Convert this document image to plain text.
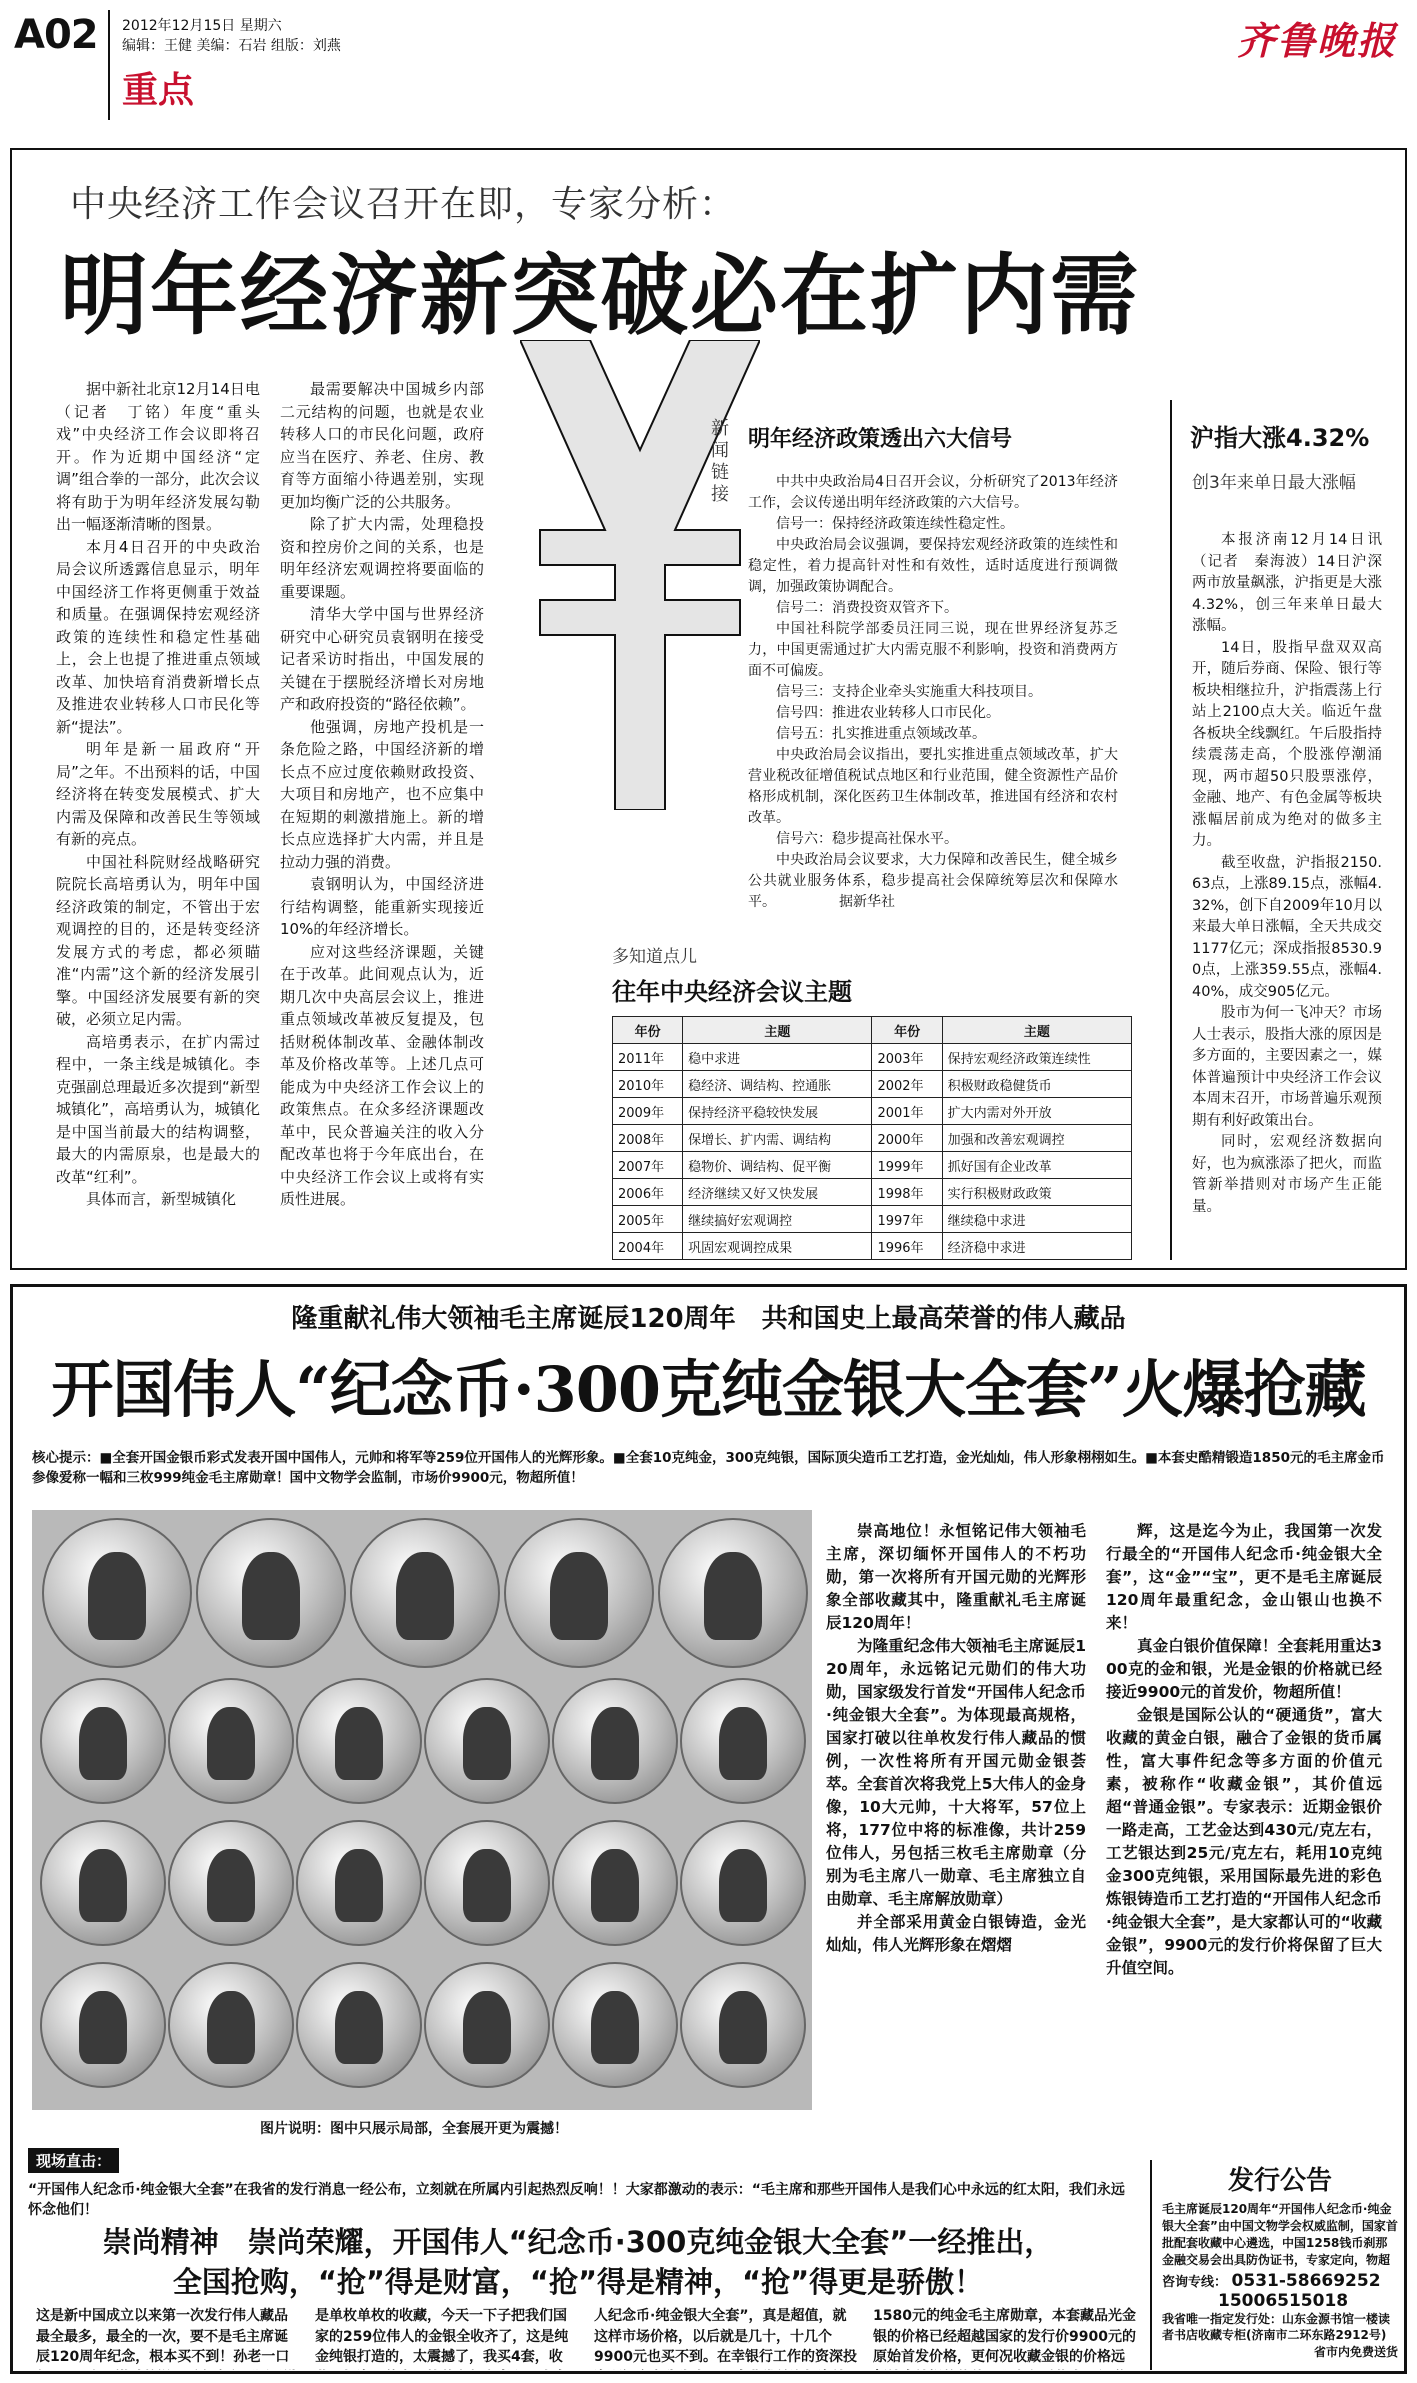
A02 2012年12月15日 星期六
编辑：王健 美编：石岩 组版：刘燕
重点
齐鲁晚报
中央经济工作会议召开在即，专家分析：
明年经济新突破必在扩内需

据中新社北京12月14日电（记者　丁铭）年度“重头戏”中央经济工作会议即将召开。作为近期中国经济“定调”组合拳的一部分，此次会议将有助于为明年经济发展勾勒出一幅逐渐清晰的图景。

本月4日召开的中央政治局会议所透露信息显示，明年中国经济工作将更侧重于效益和质量。在强调保持宏观经济政策的连续性和稳定性基础上，会上也提了推进重点领域改革、加快培育消费新增长点及推进农业转移人口市民化等新“提法”。

明年是新一届政府“开局”之年。不出预料的话，中国经济将在转变发展模式、扩大内需及保障和改善民生等领域有新的亮点。

中国社科院财经战略研究院院长高培勇认为，明年中国经济政策的制定，不管出于宏观调控的目的，还是转变经济发展方式的考虑，都必须瞄准“内需”这个新的经济发展引擎。中国经济发展要有新的突破，必须立足内需。

高培勇表示，在扩内需过程中，一条主线是城镇化。李克强副总理最近多次提到“新型城镇化”，高培勇认为，城镇化是中国当前最大的结构调整，最大的内需原泉，也是最大的改革“红利”。

具体而言，新型城镇化

最需要解决中国城乡内部二元结构的问题，也就是农业转移人口的市民化问题，政府应当在医疗、养老、住房、教育等方面缩小待遇差别，实现更加均衡广泛的公共服务。

除了扩大内需，处理稳投资和控房价之间的关系，也是明年经济宏观调控将要面临的重要课题。

清华大学中国与世界经济研究中心研究员袁钢明在接受记者采访时指出，中国发展的关键在于摆脱经济增长对房地产和政府投资的“路径依赖”。

他强调，房地产投机是一条危险之路，中国经济新的增长点不应过度依赖财政投资、大项目和房地产，也不应集中在短期的刺激措施上。新的增长点应选择扩大内需，并且是拉动力强的消费。

袁钢明认为，中国经济进行结构调整，能重新实现接近10%的年经济增长。

应对这些经济课题，关键在于改革。此间观点认为，近期几次中央高层会议上，推进重点领域改革被反复提及，包括财税体制改革、金融体制改革及价格改革等。上述几点可能成为中央经济工作会议上的政策焦点。在众多经济课题改革中，民众普遍关注的收入分配改革也将于今年底出台，在中央经济工作会议上或将有实质性进展。

新闻链接
明年经济政策透出六大信号

中共中央政治局4日召开会议，分析研究了2013年经济工作，会议传递出明年经济政策的六大信号。

信号一：保持经济政策连续性稳定性。

中央政治局会议强调，要保持宏观经济政策的连续性和稳定性，着力提高针对性和有效性，适时适度进行预调微调，加强政策协调配合。

信号二：消费投资双管齐下。

中国社科院学部委员汪同三说，现在世界经济复苏乏力，中国更需通过扩大内需克服不利影响，投资和消费两方面不可偏废。

信号三：支持企业牵头实施重大科技项目。

信号四：推进农业转移人口市民化。

信号五：扎实推进重点领域改革。

中央政治局会议指出，要扎实推进重点领域改革，扩大营业税改征增值税试点地区和行业范围，健全资源性产品价格形成机制，深化医药卫生体制改革，推进国有经济和农村改革。

信号六：稳步提高社保水平。

中央政治局会议要求，大力保障和改善民生，健全城乡公共就业服务体系，稳步提高社会保障统筹层次和保障水平。　　　　　据新华社

多知道点儿
往年中央经济会议主题
年份	主题	年份	主题
2011年	稳中求进	2003年	保持宏观经济政策连续性
2010年	稳经济、调结构、控通胀	2002年	积极财政稳健货币
2009年	保持经济平稳较快发展	2001年	扩大内需对外开放
2008年	保增长、扩内需、调结构	2000年	加强和改善宏观调控
2007年	稳物价、调结构、促平衡	1999年	抓好国有企业改革
2006年	经济继续又好又快发展	1998年	实行积极财政政策
2005年	继续搞好宏观调控	1997年	继续稳中求进
2004年	巩固宏观调控成果	1996年	经济稳中求进
沪指大涨4.32%
创3年来单日最大涨幅

本报济南12月14日讯（记者　秦海波）14日沪深两市放量飙涨，沪指更是大涨4.32%，创三年来单日最大涨幅。

14日，股指早盘双双高开，随后券商、保险、银行等板块相继拉升，沪指震荡上行站上2100点大关。临近午盘各板块全线飘红。午后股指持续震荡走高，个股涨停潮涌现，两市超50只股票涨停，金融、地产、有色金属等板块涨幅居前成为绝对的做多主力。

截至收盘，沪指报2150.63点，上涨89.15点，涨幅4.32%，创下自2009年10月以来最大单日涨幅，全天共成交1177亿元；深成指报8530.90点，上涨359.55点，涨幅4.40%，成交905亿元。

股市为何一飞冲天？市场人士表示，股指大涨的原因是多方面的，主要因素之一，媒体普遍预计中央经济工作会议本周末召开，市场普遍乐观预期有利好政策出台。

同时，宏观经济数据向好，也为疯涨添了把火，而监管新举措则对市场产生正能量。

隆重献礼伟大领袖毛主席诞辰120周年　共和国史上最高荣誉的伟人藏品
开国伟人“纪念币·300克纯金银大全套”火爆抢藏
核心提示：■全套开国金银币彩式发表开国中国伟人，元帅和将军等259位开国伟人的光辉形象。■全套10克纯金，300克纯银，国际顶尖造币工艺打造，金光灿灿，伟人形象栩栩如生。■本套史酷精锻造1850元的毛主席金币参像爱称一幅和三枚999纯金毛主席勋章！国中文物学会监制，市场价9900元，物超所值！
图片说明：图中只展示局部，全套展开更为震撼！

崇高地位！永恒铭记伟大领袖毛主席，深切缅怀开国伟人的不朽功勋，第一次将所有开国元勋的光辉形象全部收藏其中，隆重献礼毛主席诞辰120周年！

为隆重纪念伟大领袖毛主席诞辰120周年，永远铭记元勋们的伟大功勋，国家级发行首发“开国伟人纪念币·纯金银大全套”。为体现最高规格，国家打破以往单枚发行伟人藏品的惯例，一次性将所有开国元勋金银荟萃。全套首次将我党上5大伟人的金身像，10大元帅，十大将军，57位上将，177位中将的标准像，共计259位伟人，另包括三枚毛主席勋章（分别为毛主席八一勋章、毛主席独立自由勋章、毛主席解放勋章）

并全部采用黄金白银铸造，金光灿灿，伟人光辉形象在熠熠

辉，这是迄今为止，我国第一次发行最全的“开国伟人纪念币·纯金银大全套”，这“金”“宝”，更不是毛主席诞辰120周年最重纪念，金山银山也换不来！

真金白银价值保障！全套耗用重达300克的金和银，光是金银的价格就已经接近9900元的首发价，物超所值！

金银是国际公认的“硬通货”，富大收藏的黄金白银，融合了金银的货币属性，富大事件纪念等多方面的价值元素，被称作“收藏金银”，其价值远超“普通金银”。专家表示：近期金银价一路走高，工艺金达到430元/克左右，工艺银达到25元/克左右，耗用10克纯金300克纯银，采用国际最先进的彩色炼银铸造币工艺打造的“开国伟人纪念币·纯金银大全套”，是大家都认可的“收藏金银”，9900元的发行价将保留了巨大升值空间。

现场直击：
“开国伟人纪念币·纯金银大全套”在我省的发行消息一经公布，立刻就在所属内引起热烈反响！！大家都激动的表示：“毛主席和那些开国伟人是我们心中永远的红太阳，我们永远怀念他们！
崇尚精神　崇尚荣耀，开国伟人“纪念币·300克纯金银大全套”一经推出，
全国抢购，“抢”得是财富，“抢”得是精神，“抢”得更是骄傲！
这是新中国成立以来第一次发行伟人藏品最全最多，最全的一次，要不是毛主席诞辰120周年纪念，根本买不到！孙老一口
是单枚单枚的收藏，今天一下子把我们国家的259位伟人的金银全收齐了，这是纯金纯银打造的，太震撼了，我买4套，收
人纪念币·纯金银大全套”，真是超值，就这样市场价格，以后就是几十，十几个9900元也买不到。在幸银行工作的资深投
1580元的纯金毛主席勋章，本套藏品光金银的价格已经超越国家的发行价9900元的原始首发价格，更何况收藏金银的价格远
发行公告
毛主席诞辰120周年“开国伟人纪念币·纯金银大全套”由中国文物学会权威监制，国家首批配套收藏中心遴选，中国1258钱币刹那金融交易会出具防伪证书，专家定向，物超
咨询专线： 0531-58669252
15006515018
我省唯一指定发行处：山东金源书馆一楼读者书店收藏专柜(济南市二环东路2912号)
省市内免费送货
